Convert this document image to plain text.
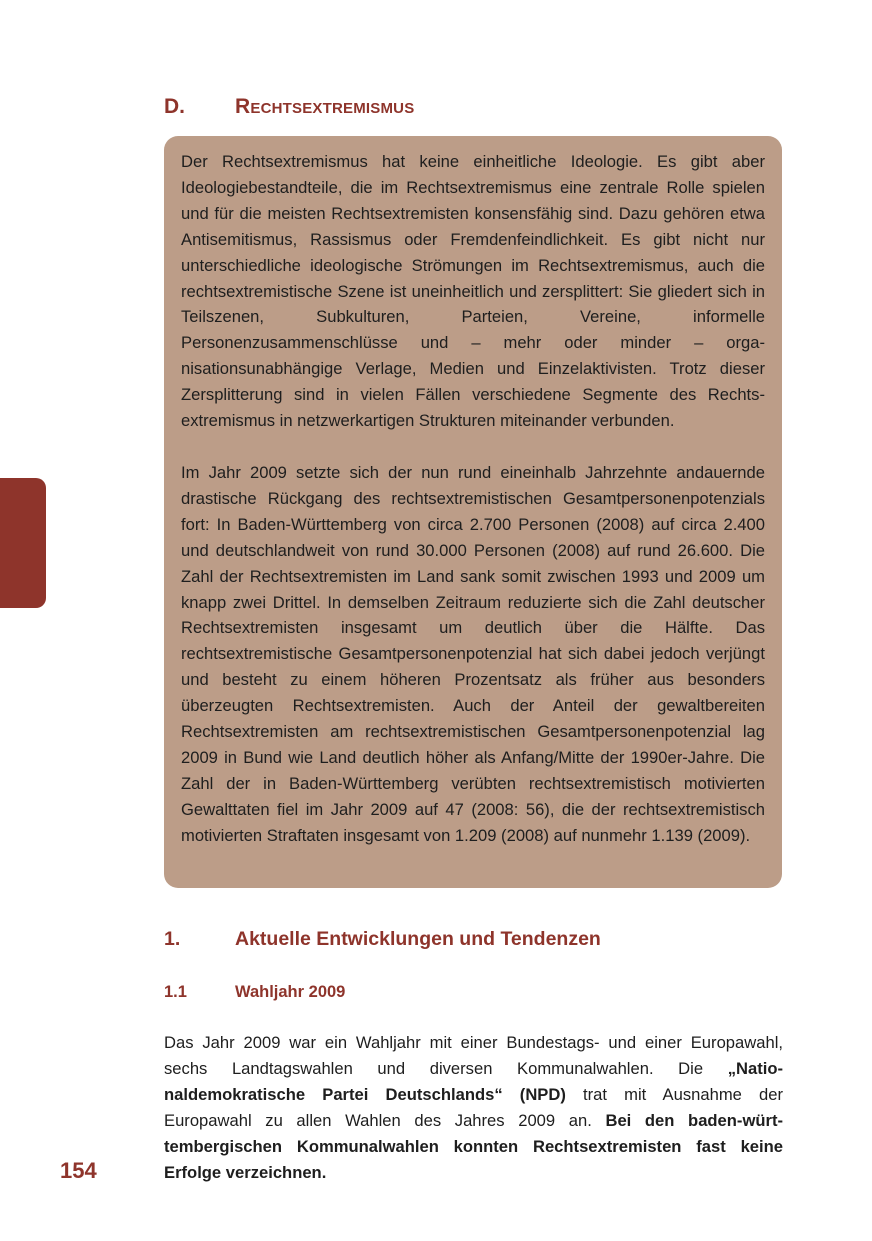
D.	Rechtsextremismus

Der Rechtsextremismus hat keine einheitliche Ideologie. Es gibt aber Ideologiebestandteile, die im Rechtsextremismus eine zentrale Rolle spielen und für die meisten Rechtsextremisten konsensfähig sind. Dazu gehören etwa Antisemitismus, Rassismus oder Fremdenfeindlichkeit. Es gibt nicht nur unterschiedliche ideologische Strömungen im Rechtsextremismus, auch die rechtsextremistische Szene ist uneinheitlich und zersplittert: Sie gliedert sich in Teilszenen, Subkulturen, Parteien, Vereine, informelle Personenzusammenschlüsse und – mehr oder minder – organisationsunabhängige Verlage, Medien und Einzelaktivisten. Trotz dieser Zersplitterung sind in vielen Fällen verschiedene Segmente des Rechtsextremismus in netzwerkartigen Strukturen miteinander verbunden.

Im Jahr 2009 setzte sich der nun rund eineinhalb Jahrzehnte andauernde drastische Rückgang des rechtsextremistischen Gesamtpersonenpotenzials fort: In Baden-Württemberg von circa 2.700 Personen (2008) auf circa 2.400 und deutschlandweit von rund 30.000 Personen (2008) auf rund 26.600. Die Zahl der Rechtsextremisten im Land sank somit zwischen 1993 und 2009 um knapp zwei Drittel. In demselben Zeitraum reduzierte sich die Zahl deutscher Rechtsextremisten insgesamt um deutlich über die Hälfte. Das rechtsextremistische Gesamtpersonenpotenzial hat sich dabei jedoch verjüngt und besteht zu einem höheren Prozentsatz als früher aus besonders überzeugten Rechtsextremisten. Auch der Anteil der gewaltbereiten Rechtsextremisten am rechtsextremistischen Gesamtpersonenpotenzial lag 2009 in Bund wie Land deutlich höher als Anfang/Mitte der 1990er-Jahre. Die Zahl der in Baden-Württemberg verübten rechtsextremistisch motivierten Gewalttaten fiel im Jahr 2009 auf 47 (2008: 56), die der rechtsextremistisch motivierten Straftaten insgesamt von 1.209 (2008) auf nunmehr 1.139 (2009).

1.	Aktuelle Entwicklungen und Tendenzen
1.1	Wahljahr 2009

Das Jahr 2009 war ein Wahljahr mit einer Bundestags- und einer Europawahl, sechs Landtagswahlen und diversen Kommunalwahlen. Die „Nationaldemokratische Partei Deutschlands“ (NPD) trat mit Ausnahme der Europawahl zu allen Wahlen des Jahres 2009 an. Bei den baden-württembergischen Kommunalwahlen konnten Rechtsextremisten fast keine Erfolge verzeichnen.

154
